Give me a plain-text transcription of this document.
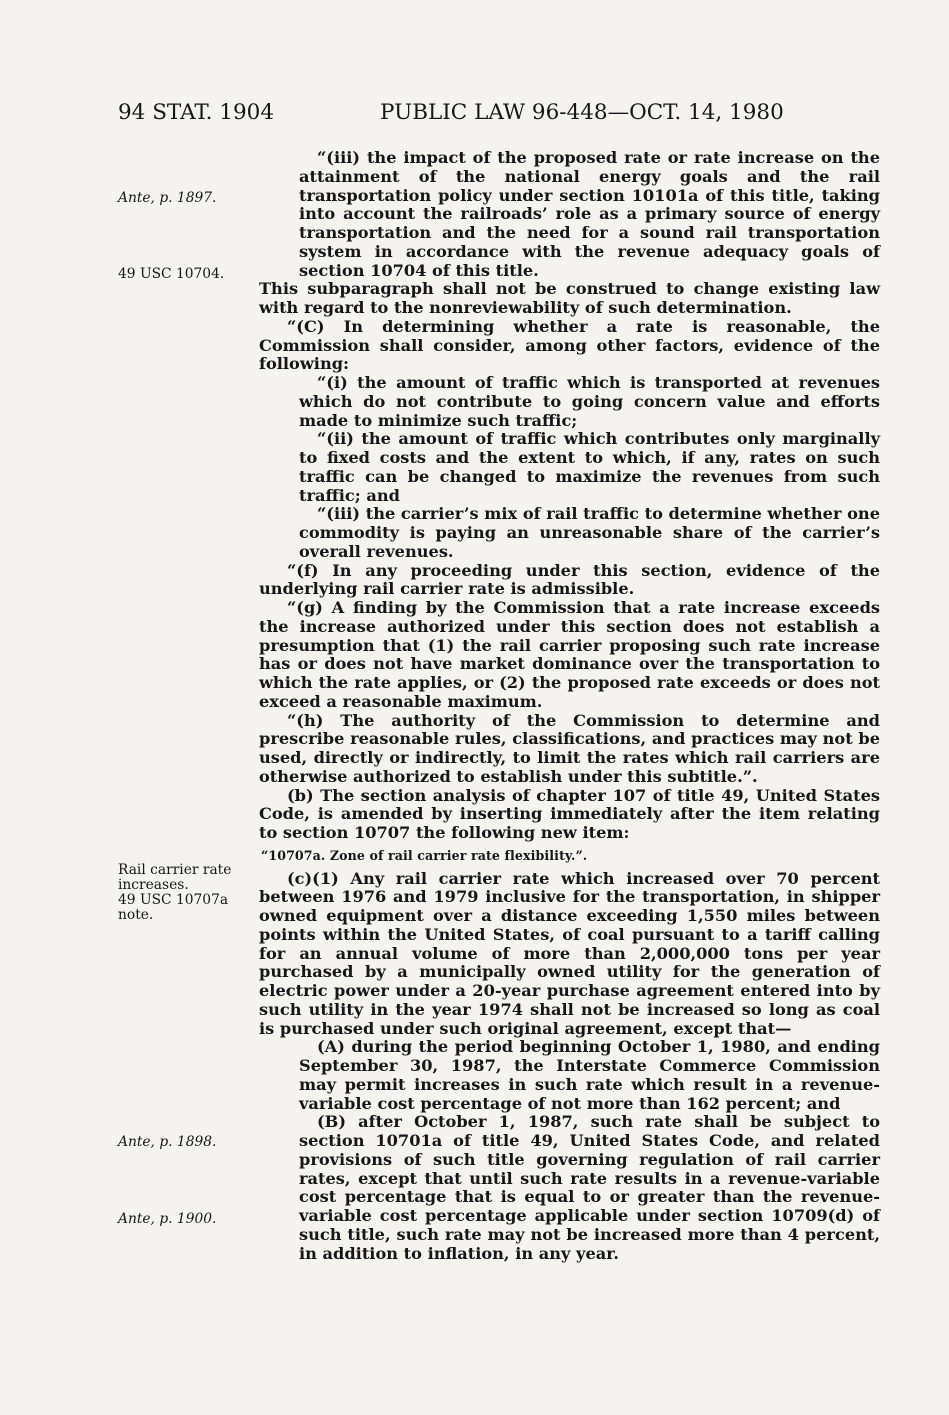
94 STAT. 1904	PUBLIC LAW 96-448—OCT. 14, 1980
Ante, p. 1897.
49 USC 10704.
Rail carrier rate
increases.
49 USC 10707a
note.
Ante, p. 1898.
Ante, p. 1900.

“(iii) the impact of the proposed rate or rate increase on the attainment of the national energy goals and the rail transportation policy under section 10101a of this title, taking into account the railroads’ role as a primary source of energy transportation and the need for a sound rail transportation system in accordance with the revenue adequacy goals of section 10704 of this title.

This subparagraph shall not be construed to change existing law with regard to the nonreviewability of such determination.

“(C) In determining whether a rate is reasonable, the Commission shall consider, among other factors, evidence of the following:

“(i) the amount of traffic which is transported at revenues which do not contribute to going concern value and efforts made to minimize such traffic;

“(ii) the amount of traffic which contributes only marginally to fixed costs and the extent to which, if any, rates on such traffic can be changed to maximize the revenues from such traffic; and

“(iii) the carrier’s mix of rail traffic to determine whether one commodity is paying an unreasonable share of the carrier’s overall revenues.

“(f) In any proceeding under this section, evidence of the underlying rail carrier rate is admissible.

“(g) A finding by the Commission that a rate increase exceeds the increase authorized under this section does not establish a presumption that (1) the rail carrier proposing such rate increase has or does not have market dominance over the transportation to which the rate applies, or (2) the proposed rate exceeds or does not exceed a reasonable maximum.

“(h) The authority of the Commission to determine and prescribe reasonable rules, classifications, and practices may not be used, directly or indirectly, to limit the rates which rail carriers are otherwise authorized to establish under this subtitle.”.

(b) The section analysis of chapter 107 of title 49, United States Code, is amended by inserting immediately after the item relating to section 10707 the following new item:

“10707a. Zone of rail carrier rate flexibility.”.

(c)(1) Any rail carrier rate which increased over 70 percent between 1976 and 1979 inclusive for the transportation, in shipper owned equipment over a distance exceeding 1,550 miles between points within the United States, of coal pursuant to a tariff calling for an annual volume of more than 2,000,000 tons per year purchased by a municipally owned utility for the generation of electric power under a 20-year purchase agreement entered into by such utility in the year 1974 shall not be increased so long as coal is purchased under such original agreement, except that—

(A) during the period beginning October 1, 1980, and ending September 30, 1987, the Interstate Commerce Commission may permit increases in such rate which result in a revenue-variable cost percentage of not more than 162 percent; and

(B) after October 1, 1987, such rate shall be subject to section 10701a of title 49, United States Code, and related provisions of such title governing regulation of rail carrier rates, except that until such rate results in a revenue-variable cost percentage that is equal to or greater than the revenue-variable cost percentage applicable under section 10709(d) of such title, such rate may not be increased more than 4 percent, in addition to inflation, in any year.
